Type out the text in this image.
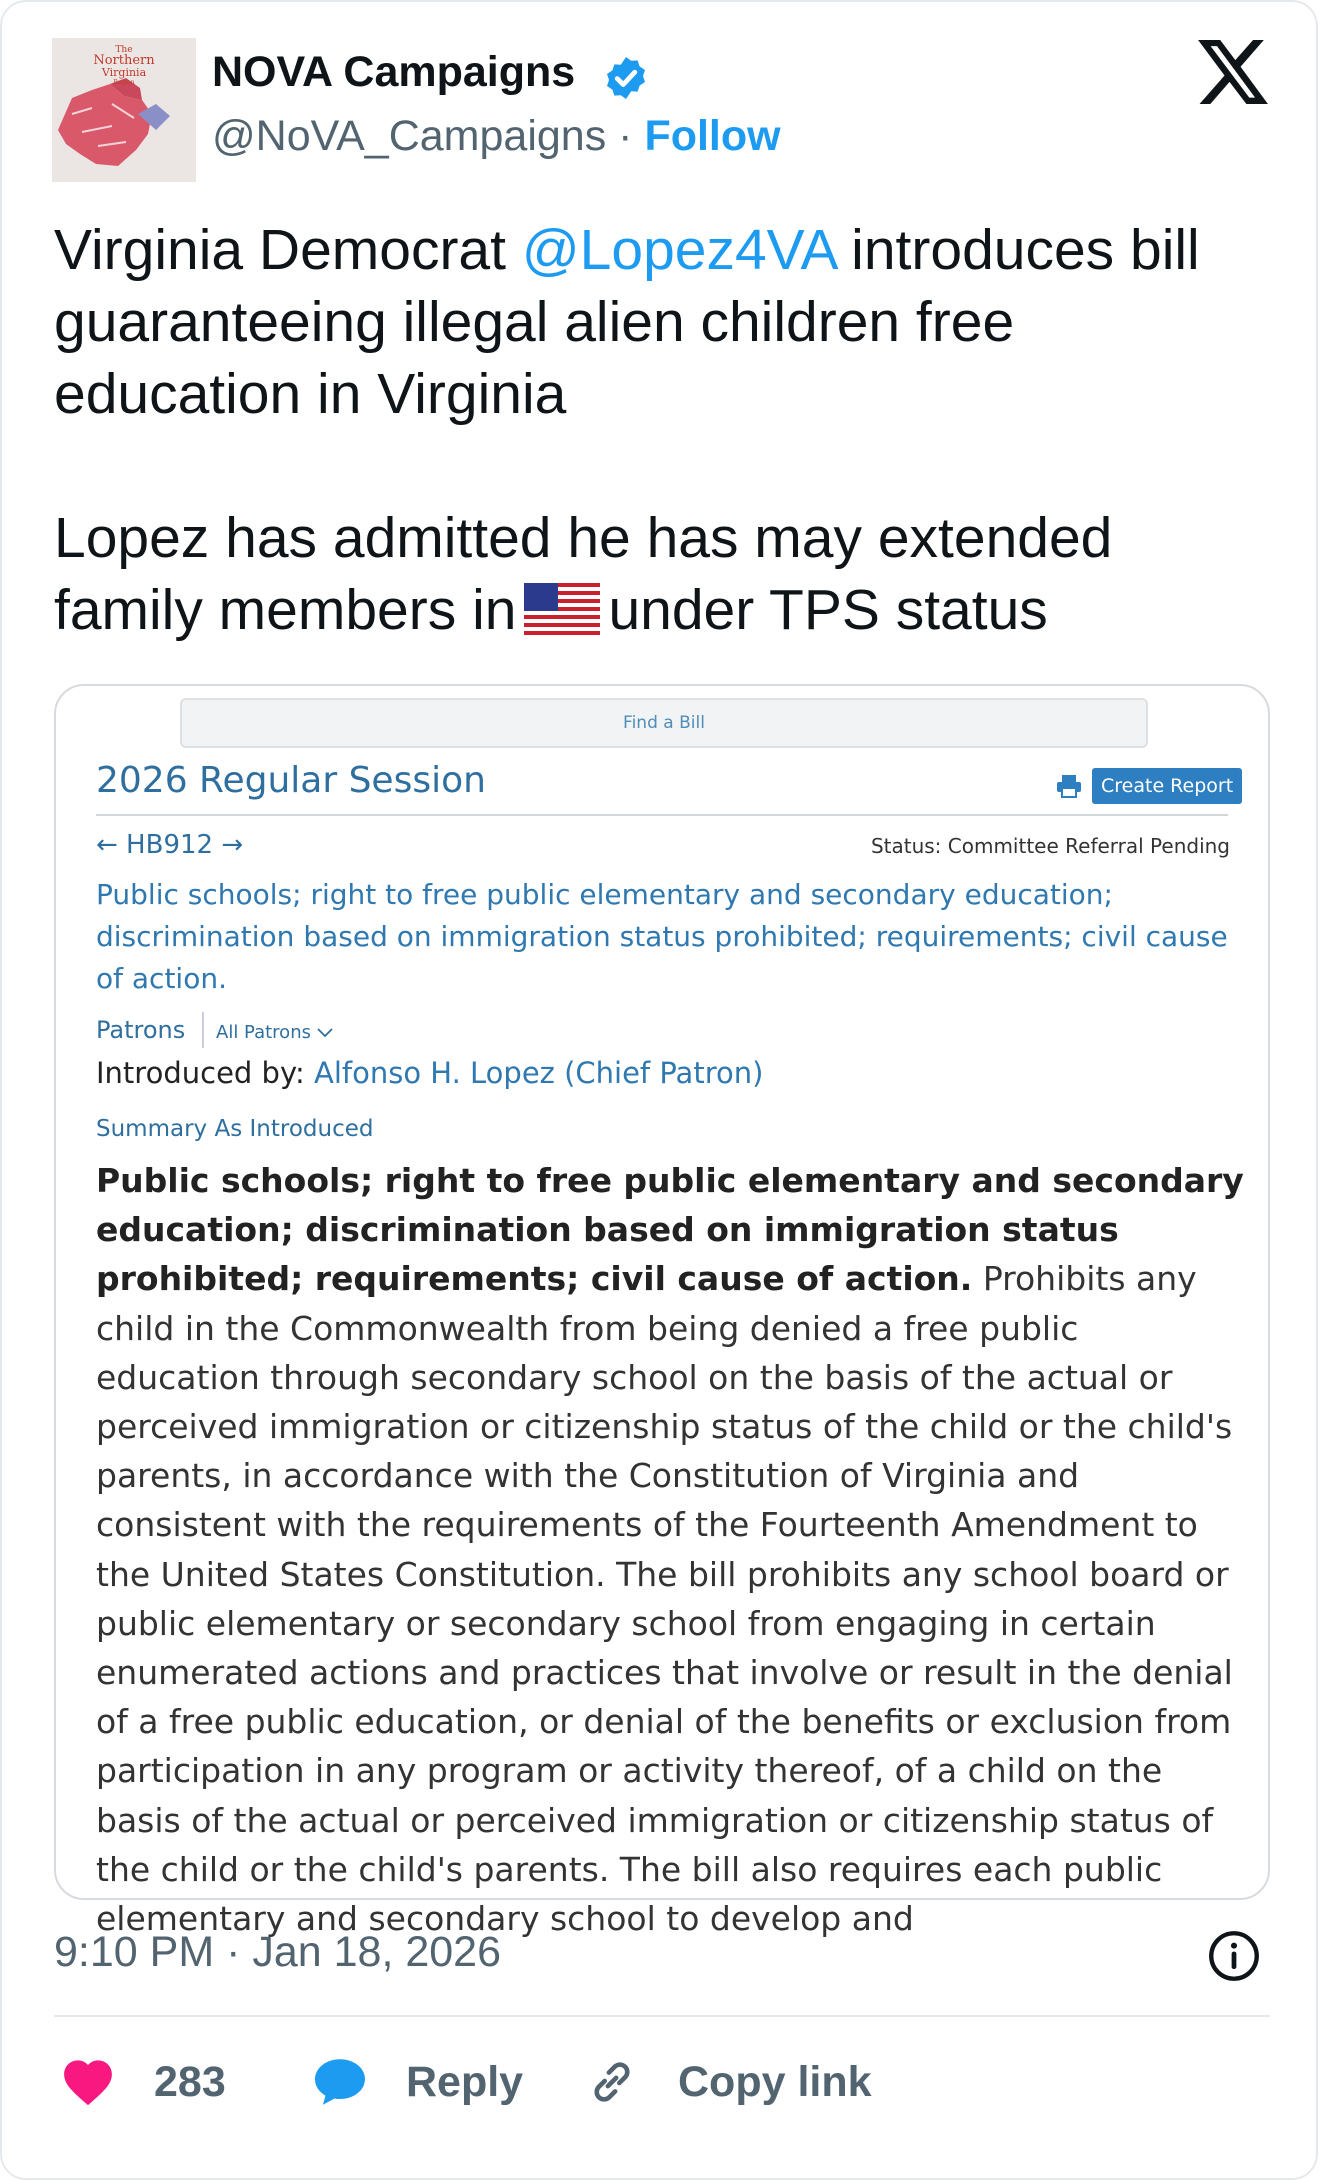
The
Northern
Virginia
Region NOVA Campaigns
@NoVA_Campaigns · Follow

Virginia Democrat @Lopez4VA introduces bill guaranteeing illegal alien children free education in Virginia

Lopez has admitted he has may extended family members in under TPS status

Find a Bill
2026 Regular Session	Create Report
← HB912 →	Status: Committee Referral Pending
Public schools; right to free public elementary and secondary education; discrimination based on immigration status prohibited; requirements; civil cause of action.
Patrons All Patrons
Introduced by: Alfonso H. Lopez (Chief Patron)
Summary As Introduced
Public schools; right to free public elementary and secondary education; discrimination based on immigration status prohibited; requirements; civil cause of action. Prohibits any child in the Commonwealth from being denied a free public education through secondary school on the basis of the actual or perceived immigration or citizenship status of the child or the child's parents, in accordance with the Constitution of Virginia and consistent with the requirements of the Fourteenth Amendment to the United States Constitution. The bill prohibits any school board or public elementary or secondary school from engaging in certain enumerated actions and practices that involve or result in the denial of a free public education, or denial of the benefits or exclusion from participation in any program or activity thereof, of a child on the basis of the actual or perceived immigration or citizenship status of the child or the child's parents. The bill also requires each public elementary and secondary school to develop and
9:10 PM · Jan 18, 2026
283	Reply	Copy link
